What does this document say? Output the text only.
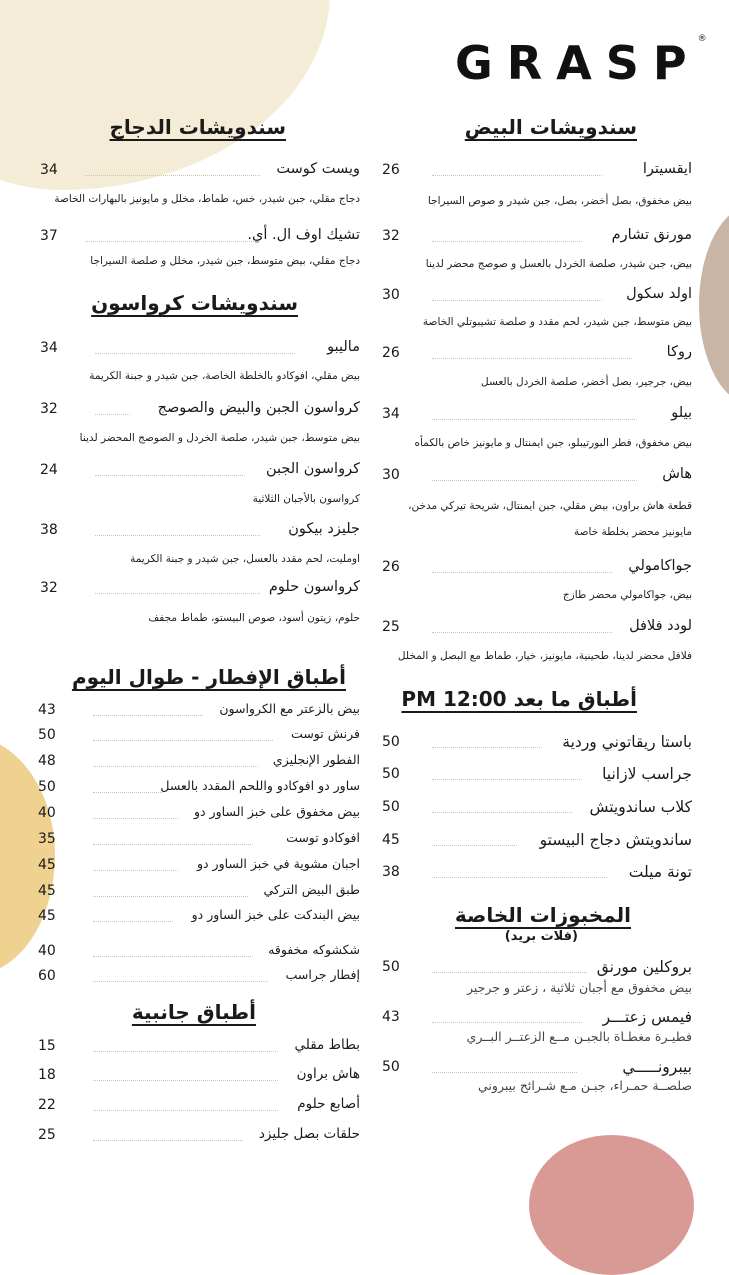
GRASP
®
سندويشات البيض
26	ايقسيترا
بيض مخفوق، بصل أخضر، بصل، جبن شيدر و صوص السيراجا
32	مورنق تشارم
بيض، جبن شيدر، صلصة الخردل بالعسل و صوصج محضر لدينا
30	اولد سكول
بيض متوسط، جبن شيدر، لحم مقدد و صلصة تشيبوتلي الخاصة
26	روكا
بيض، جرجير، بصل أخضر، صلصة الخردل بالعسل
34	بيلو
بيض مخفوق، فطر البورتيبلو، جبن ايمنتال و مايونيز خاص بالكمأه
30	هاش
قطعة هاش براون، بيض مقلي، جبن ايمنتال، شريحة تيركي مدخن،
مايونيز محضر بخلطة خاصة
26	جواكامولي
بيض، جواكامولي محضر طازج
25	لودد فلافل
فلافل محضر لدينا، طحينية، مايونيز، خيار، طماط مع البصل و المخلل
أطباق ما بعد 12:00 PM
50	باستا ريقاتوني وردية
50	جراسب لازانيا
50	كلاب ساندويتش
45	ساندويتش دجاج البيستو
38	تونة ميلت
المخبوزات الخاصة
(فلات بريد)
50	بروكلين مورنق
بيض مخفوق مع أجبان ثلاثية ، زعتر و جرجير
43	فيمس زعتـــر
فطيـرة مغطـاة بالجبـن مــع الزعتــر البــري
50	بيبرونـــــي
صلصــة حمـراء، جبـن مـع شـرائح بيبروني
سندويشات الدجاج
34	ويست كوست
دجاج مقلي، جبن شيدر، خس، طماط، مخلل و مايونيز بالبهارات الخاصة
37	تشيك اوف ال. أي.
دجاج مقلي، بيض متوسط، جبن شيدر، مخلل و صلصة السيراجا
سندويشات كرواسون
34	ماليبو
بيض مقلي، افوكادو بالخلطة الخاصة، جبن شيدر و جبنة الكريمة
32	كرواسون الجبن والبيض والصوصج
بيض متوسط، جبن شيدر، صلصة الخردل و الصوصج المحضر لدينا
24	كرواسون الجبن
كرواسون بالأجبان الثلاثية
38	جليزد بيكون
اومليت، لحم مقدد بالعسل، جبن شيدر و جبنة الكريمة
32	كرواسون حلوم
حلوم، زيتون أسود، صوص البيستو، طماط مجفف
أطباق الإفطار - طوال اليوم
43	بيض بالزعتر مع الكرواسون
50	فرنش توست
48	الفطور الإنجليزي
50	ساور دو افوكادو واللحم المقدد بالعسل
40	بيض مخفوق على خبز الساور دو
35	افوكادو توست
45	اجبان مشوية في خبز الساور دو
45	طبق البيض التركي
45	بيض البندكت على خبز الساور دو
40	شكشوكه مخفوقه
60	إفطار جراسب
أطباق جانبية
15	بطاط مقلي
18	هاش براون
22	أصابع حلوم
25	حلقات بصل جليزد
